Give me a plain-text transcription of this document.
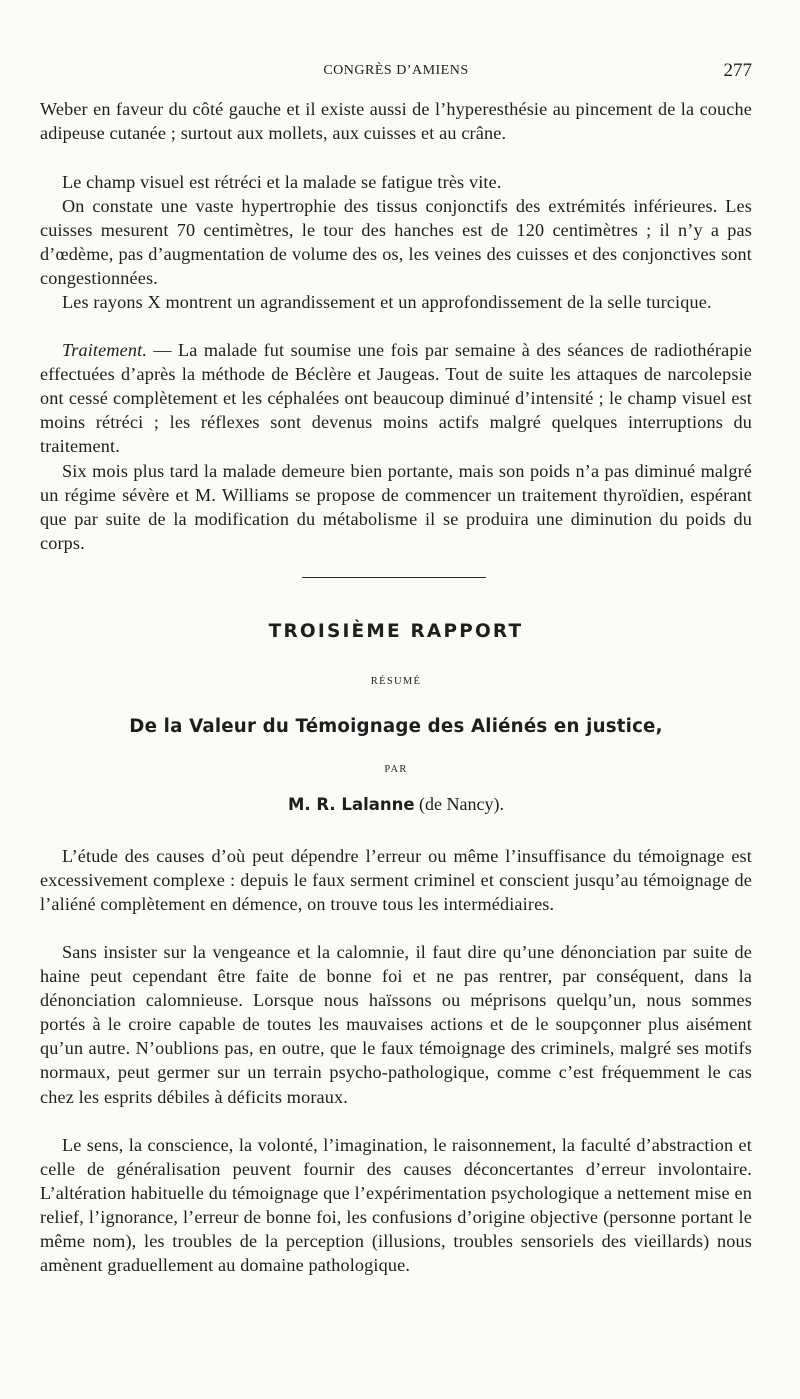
CONGRÈS D’AMIENS	277

Weber en faveur du côté gauche et il existe aussi de l’hyperesthésie au pincement de la couche adipeuse cutanée ; surtout aux mollets, aux cuisses et au crâne.

Le champ visuel est rétréci et la malade se fatigue très vite.

On constate une vaste hypertrophie des tissus conjonctifs des extrémités inférieures. Les cuisses mesurent 70 centimètres, le tour des hanches est de 120 centimètres ; il n’y a pas d’œdème, pas d’augmentation de volume des os, les veines des cuisses et des conjonctives sont congestionnées.

Les rayons X montrent un agrandissement et un approfondissement de la selle turcique.

Traitement. — La malade fut soumise une fois par semaine à des séances de radiothérapie effectuées d’après la méthode de Béclère et Jaugeas. Tout de suite les attaques de narcolepsie ont cessé complètement et les céphalées ont beaucoup diminué d’intensité ; le champ visuel est moins rétréci ; les réflexes sont devenus moins actifs malgré quelques interruptions du traitement.

Six mois plus tard la malade demeure bien portante, mais son poids n’a pas diminué malgré un régime sévère et M. Williams se propose de commencer un traitement thyroïdien, espérant que par suite de la modification du métabolisme il se produira une diminution du poids du corps.

TROISIÈME RAPPORT
RÉSUMÉ
De la Valeur du Témoignage des Aliénés en justice,
PAR
M. R. Lalanne (de Nancy).

L’étude des causes d’où peut dépendre l’erreur ou même l’insuffisance du témoignage est excessivement complexe : depuis le faux serment criminel et conscient jusqu’au témoignage de l’aliéné complètement en démence, on trouve tous les intermédiaires.

Sans insister sur la vengeance et la calomnie, il faut dire qu’une dénonciation par suite de haine peut cependant être faite de bonne foi et ne pas rentrer, par conséquent, dans la dénonciation calomnieuse. Lorsque nous haïssons ou méprisons quelqu’un, nous sommes portés à le croire capable de toutes les mauvaises actions et de le soupçonner plus aisément qu’un autre. N’oublions pas, en outre, que le faux témoignage des criminels, malgré ses motifs normaux, peut germer sur un terrain psycho-pathologique, comme c’est fréquemment le cas chez les esprits débiles à déficits moraux.

Le sens, la conscience, la volonté, l’imagination, le raisonnement, la faculté d’abstraction et celle de généralisation peuvent fournir des causes déconcertantes d’erreur involontaire. L’altération habituelle du témoignage que l’expérimentation psychologique a nettement mise en relief, l’ignorance, l’erreur de bonne foi, les confusions d’origine objective (personne portant le même nom), les troubles de la perception (illusions, troubles sensoriels des vieillards) nous amènent graduellement au domaine pathologique.
